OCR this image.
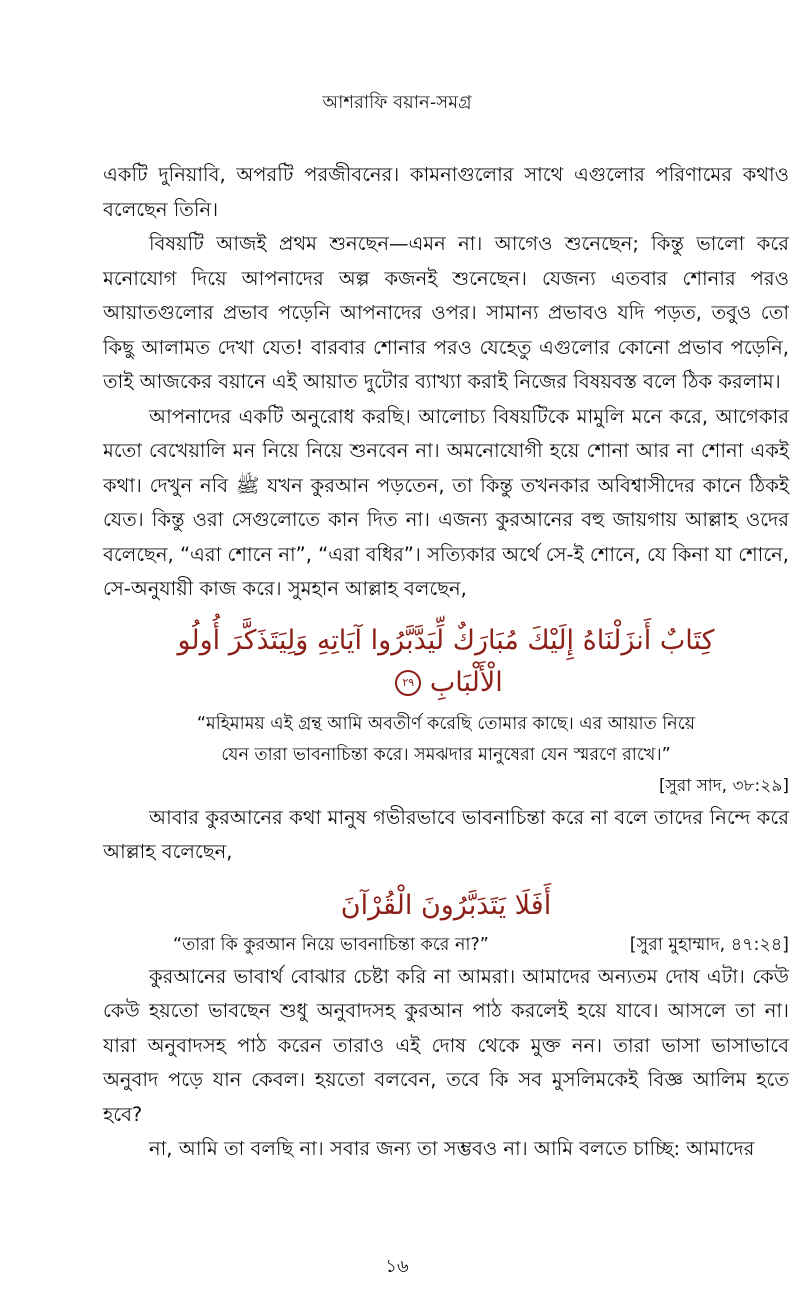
আশরাফি বয়ান-সমগ্র

একটি দুনিয়াবি, অপরটি পরজীবনের। কামনাগুলোর সাথে এগুলোর পরিণামের কথাও বলেছেন তিনি।

বিষয়টি আজই প্রথম শুনছেন—এমন না। আগেও শুনেছেন; কিন্তু ভালো করে মনোযোগ দিয়ে আপনাদের অল্প কজনই শুনেছেন। যেজন্য এতবার শোনার পরও আয়াতগুলোর প্রভাব পড়েনি আপনাদের ওপর। সামান্য প্রভাবও যদি পড়ত, তবুও তো কিছু আলামত দেখা যেত! বারবার শোনার পরও যেহেতু এগুলোর কোনো প্রভাব পড়েনি, তাই আজকের বয়ানে এই আয়াত দুটোর ব্যাখ্যা করাই নিজের বিষয়বস্ত বলে ঠিক করলাম।

আপনাদের একটি অনুরোধ করছি। আলোচ্য বিষয়টিকে মামুলি মনে করে, আগেকার মতো বেখেয়ালি মন নিয়ে নিয়ে শুনবেন না। অমনোযোগী হয়ে শোনা আর না শোনা একই কথা। দেখুন নবি ﷺ যখন কুরআন পড়তেন, তা কিন্তু তখনকার অবিশ্বাসীদের কানে ঠিকই যেত। কিন্তু ওরা সেগুলোতে কান দিত না। এজন্য কুরআনের বহু জায়গায় আল্লাহ ওদের বলেছেন, “এরা শোনে না”, “এরা বধির”। সত্যিকার অর্থে সে-ই শোনে, যে কিনা যা শোনে, সে-অনুযায়ী কাজ করে। সুমহান আল্লাহ বলছেন,

كِتَابٌ أَنزَلْنَاهُ إِلَيْكَ مُبَارَكٌ لِّيَدَّبَّرُوا آيَاتِهِ وَلِيَتَذَكَّرَ أُولُو
الْأَلْبَابِ ٢٩
“মহিমাময় এই গ্রন্থ আমি অবতীর্ণ করেছি তোমার কাছে। এর আয়াত নিয়ে
যেন তারা ভাবনাচিন্তা করে। সমঝদার মানুষেরা যেন স্মরণে রাখে।”
[সুরা সাদ, ৩৮:২৯]

আবার কুরআনের কথা মানুষ গভীরভাবে ভাবনাচিন্তা করে না বলে তাদের নিন্দে করে আল্লাহ বলেছেন,

أَفَلَا يَتَدَبَّرُونَ الْقُرْآنَ
“তারা কি কুরআন নিয়ে ভাবনাচিন্তা করে না?”	[সুরা মুহাম্মাদ, ৪৭:২৪]

কুরআনের ভাবার্থ বোঝার চেষ্টা করি না আমরা। আমাদের অন্যতম দোষ এটা। কেউ কেউ হয়তো ভাবছেন শুধু অনুবাদসহ কুরআন পাঠ করলেই হয়ে যাবে। আসলে তা না। যারা অনুবাদসহ পাঠ করেন তারাও এই দোষ থেকে মুক্ত নন। তারা ভাসা ভাসাভাবে অনুবাদ পড়ে যান কেবল। হয়তো বলবেন, তবে কি সব মুসলিমকেই বিজ্ঞ আলিম হতে হবে?

না, আমি তা বলছি না। সবার জন্য তা সম্ভবও না। আমি বলতে চাচ্ছি: আমাদের

১৬
